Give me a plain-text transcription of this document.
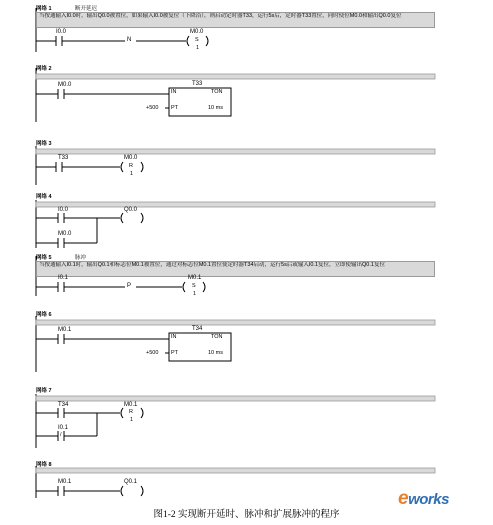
网络 1	断开延迟
当按通输入I0.0时，输出Q0.0被置位，如果输入I0.0被复位（下降沿），则启动定时器T33，运行5s后，定时器T33置位，同时使位M0.0和输出Q0.0复位
I0.0
N
M0.0
S
1
网络 2
M0.0	T33
IN	TON
+500 PT	10 ms
网络 3
T33	M0.0
R
1
网络 4
I0.0
M0.0
Q0.0
网络 5	脉冲
当按通输入I0.1时，输出Q0.1和标志位M0.1被置位，通过对标志位M0.1置位使定时器T34启动，运行5s后或输入I0.1复位，立即使输出Q0.1复位
I0.1
P
M0.1
S
1
网络 6
M0.1	T34
IN	TON
+500 PT	10 ms
网络 7
T34
I0.1
/
M0.1
R
1
网络 8
M0.1	Q0.1
图1-2 实现断开延时、脉冲和扩展脉冲的程序
eworks
